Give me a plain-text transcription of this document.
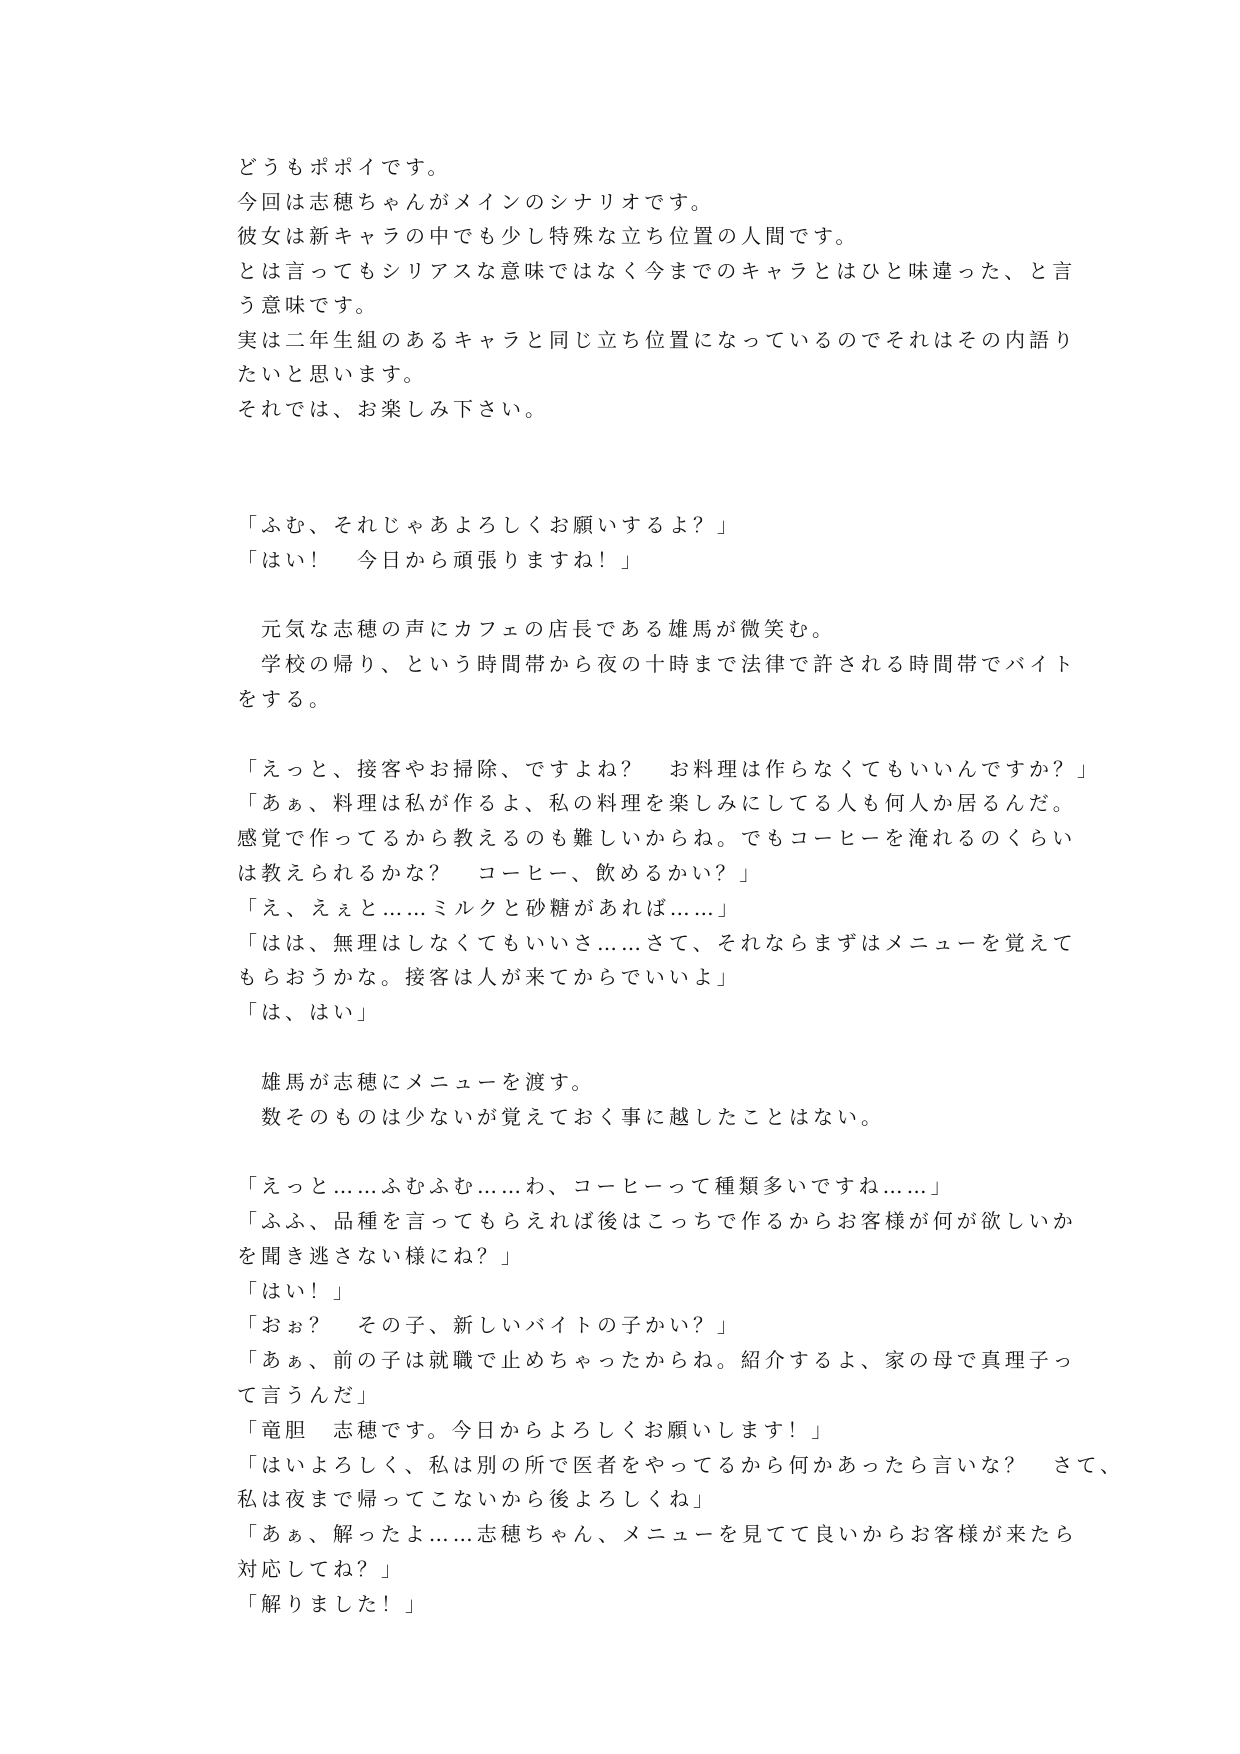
どうもポポイです。
今回は志穂ちゃんがメインのシナリオです。
彼女は新キャラの中でも少し特殊な立ち位置の人間です。
とは言ってもシリアスな意味ではなく今までのキャラとはひと味違った、と言
う意味です。
実は二年生組のあるキャラと同じ立ち位置になっているのでそれはその内語り
たいと思います。
それでは、お楽しみ下さい。
「ふむ、それじゃあよろしくお願いするよ？」
「はい！　今日から頑張りますね！」
　元気な志穂の声にカフェの店長である雄馬が微笑む。
　学校の帰り、という時間帯から夜の十時まで法律で許される時間帯でバイト
をする。
「えっと、接客やお掃除、ですよね？　お料理は作らなくてもいいんですか？」
「あぁ、料理は私が作るよ、私の料理を楽しみにしてる人も何人か居るんだ。
感覚で作ってるから教えるのも難しいからね。でもコーヒーを淹れるのくらい
は教えられるかな？　コーヒー、飲めるかい？」
「え、えぇと……ミルクと砂糖があれば……」
「はは、無理はしなくてもいいさ……さて、それならまずはメニューを覚えて
もらおうかな。接客は人が来てからでいいよ」
「は、はい」
　雄馬が志穂にメニューを渡す。
　数そのものは少ないが覚えておく事に越したことはない。
「えっと……ふむふむ……わ、コーヒーって種類多いですね……」
「ふふ、品種を言ってもらえれば後はこっちで作るからお客様が何が欲しいか
を聞き逃さない様にね？」
「はい！」
「おぉ？　その子、新しいバイトの子かい？」
「あぁ、前の子は就職で止めちゃったからね。紹介するよ、家の母で真理子っ
て言うんだ」
「竜胆　志穂です。今日からよろしくお願いします！」
「はいよろしく、私は別の所で医者をやってるから何かあったら言いな？　さて、
私は夜まで帰ってこないから後よろしくね」
「あぁ、解ったよ……志穂ちゃん、メニューを見てて良いからお客様が来たら
対応してね？」
「解りました！」
